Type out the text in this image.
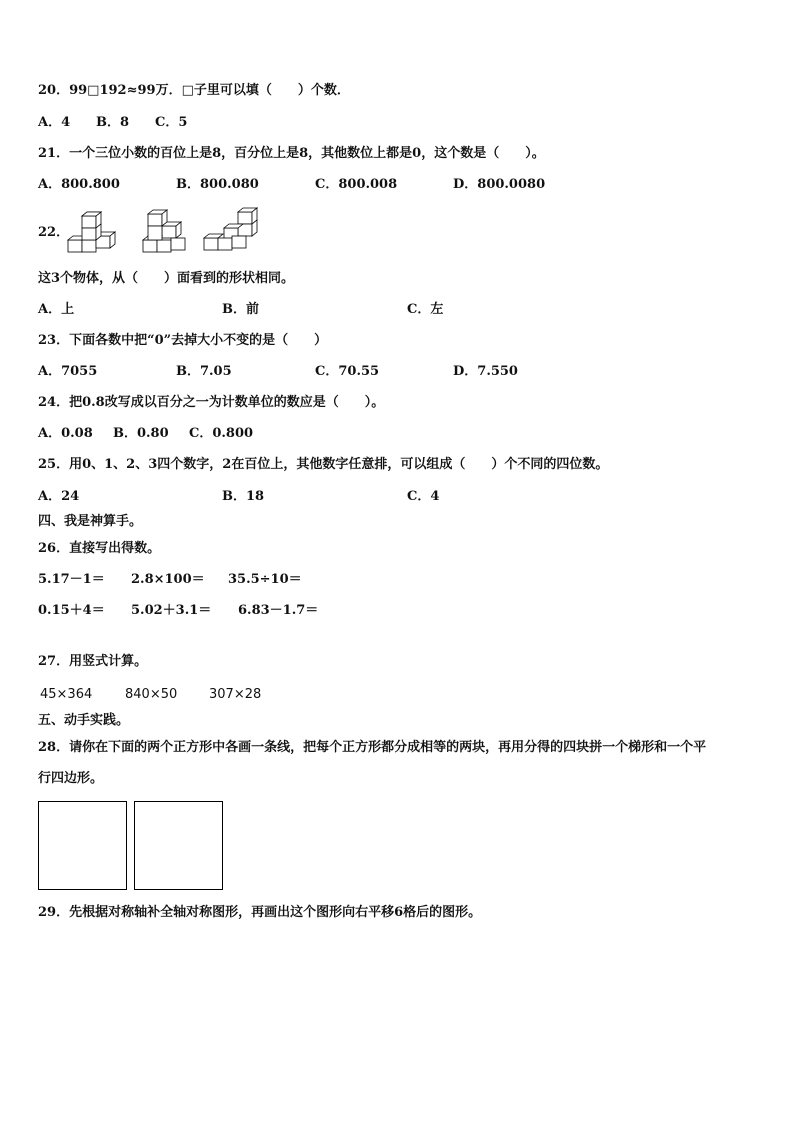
20．99□192≈99万．□子里可以填（　　）个数．
A．4 B．8 C．5
21．一个三位小数的百位上是8，百分位上是8，其他数位上都是0，这个数是（　　）。
A．800.800	B．800.080	C．800.008	D．800.0080
22．
这3个物体，从（　　）面看到的形状相同。
A．上	B．前	C．左
23．下面各数中把“0”去掉大小不变的是（　　）
A．7055	B．7.05	C．70.55	D．7.550
24．把0.8改写成以百分之一为计数单位的数应是（　　）。
A．0.08 B．0.80 C．0.800
25．用0、1、2、3四个数字，2在百位上，其他数字任意排，可以组成（　　）个不同的四位数。
A．24	B．18	C．4
四、我是神算手。
26．直接写出得数。
5.17－1＝ 2.8×100＝ 35.5÷10＝
0.15＋4＝ 5.02＋3.1＝ 6.83－1.7＝
27．用竖式计算。
45×364	840×50 307×28
五、动手实践。
28．请你在下面的两个正方形中各画一条线，把每个正方形都分成相等的两块，再用分得的四块拼一个梯形和一个平
行四边形。
29．先根据对称轴补全轴对称图形，再画出这个图形向右平移6格后的图形。
